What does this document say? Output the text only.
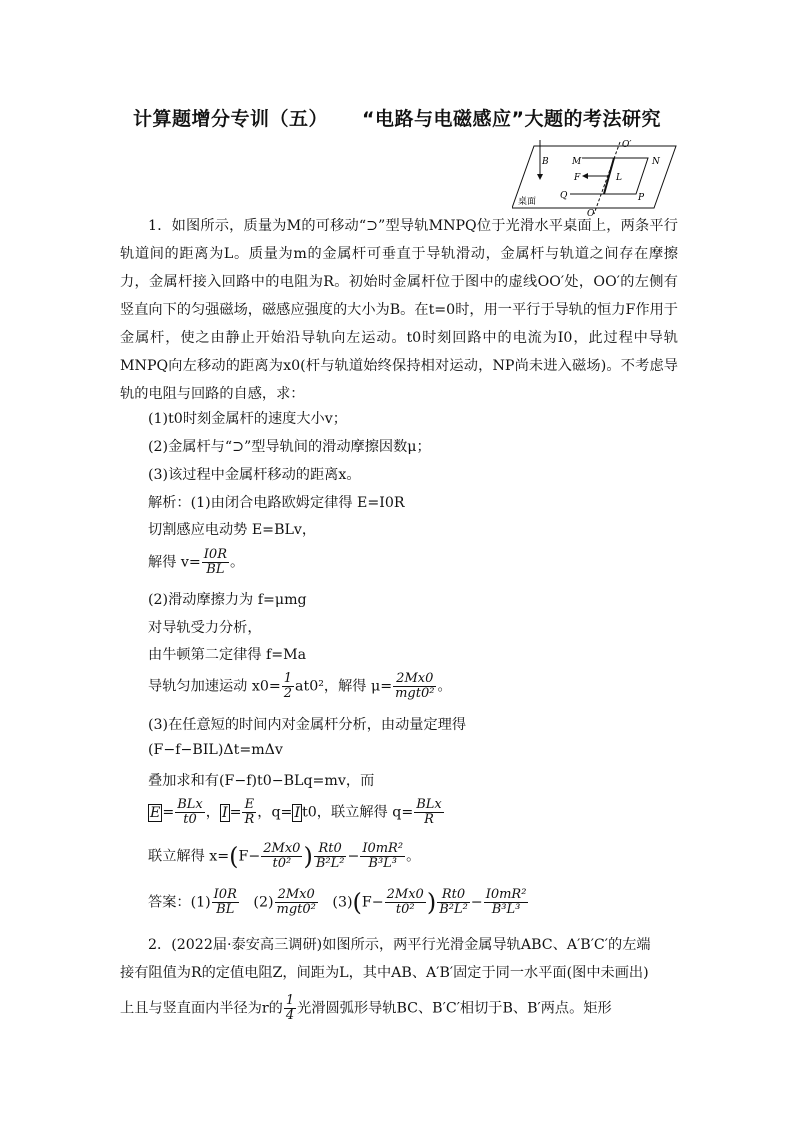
计算题增分专训（五） “电路与电磁感应”大题的考法研究
B	M	N
F	L
Q	P
O′
O
桌面

1．如图所示，质量为M的可移动“⊃”型导轨MNPQ位于光滑水平桌面上，两条平行轨道间的距离为L。质量为m的金属杆可垂直于导轨滑动，金属杆与轨道之间存在摩擦力，金属杆接入回路中的电阻为R。初始时金属杆位于图中的虚线OO′处，OO′的左侧有竖直向下的匀强磁场，磁感应强度的大小为B。在t=0时，用一平行于导轨的恒力F作用于金属杆，使之由静止开始沿导轨向左运动。t0时刻回路中的电流为I0，此过程中导轨MNPQ向左移动的距离为x0(杆与轨道始终保持相对运动，NP尚未进入磁场)。不考虑导轨的电阻与回路的自感，求：

(1)t0时刻金属杆的速度大小v；
(2)金属杆与“⊃”型导轨间的滑动摩擦因数μ；
(3)该过程中金属杆移动的距离x。
解析：(1)由闭合电路欧姆定律得 E=I0R
切割感应电动势 E=BLv，
解得 $v= \frac{I0R}{BL}$ 。
(2)滑动摩擦力为 f=μmg
对导轨受力分析，
由牛顿第二定律得 f=Ma
导轨匀加速运动 $x0= \frac{1}{2} at0^2$，解得 $\mu= \frac{2Mx0}{\text{mgt0²}}$ 。
(3)在任意短的时间内对金属杆分析，由动量定理得
(F−f−BIL)Δt=mΔv
叠加求和有(F−f)t0−BLq=mv，而
$E = \frac{\text{BLx}}{t0}$ ， $I = \frac{E}{R}$ ，q= I t0，联立解得 $q= \frac{\text{BLx}}{R}$
联立解得 $x=(F- \frac{2Mx0}{\text{t0²}}$ ) $\frac{Rt0}{\text{B²L²}} - \frac{\text{I0mR²}}{\text{B³L³}}$ 。
答案：$(1) \frac{I0R}{BL} (2) \frac{2Mx0}{\text{mgt0²}} (3)(F- \frac{2Mx0}{\text{t0²}}$ ) $\frac{Rt0}{\text{B²L²}} - \frac{\text{I0mR²}}{\text{B³L³}}$
2．(2022届·泰安高三调研)如图所示，两平行光滑金属导轨ABC、A′B′C′的左端
接有阻值为R的定值电阻Z，间距为L，其中AB、A′B′固定于同一水平面(图中未画出)
上且与竖直面内半径为r的 $\frac{1}{4}$ 光滑圆弧形导轨BC、B′C′相切于B、B′两点。矩形
